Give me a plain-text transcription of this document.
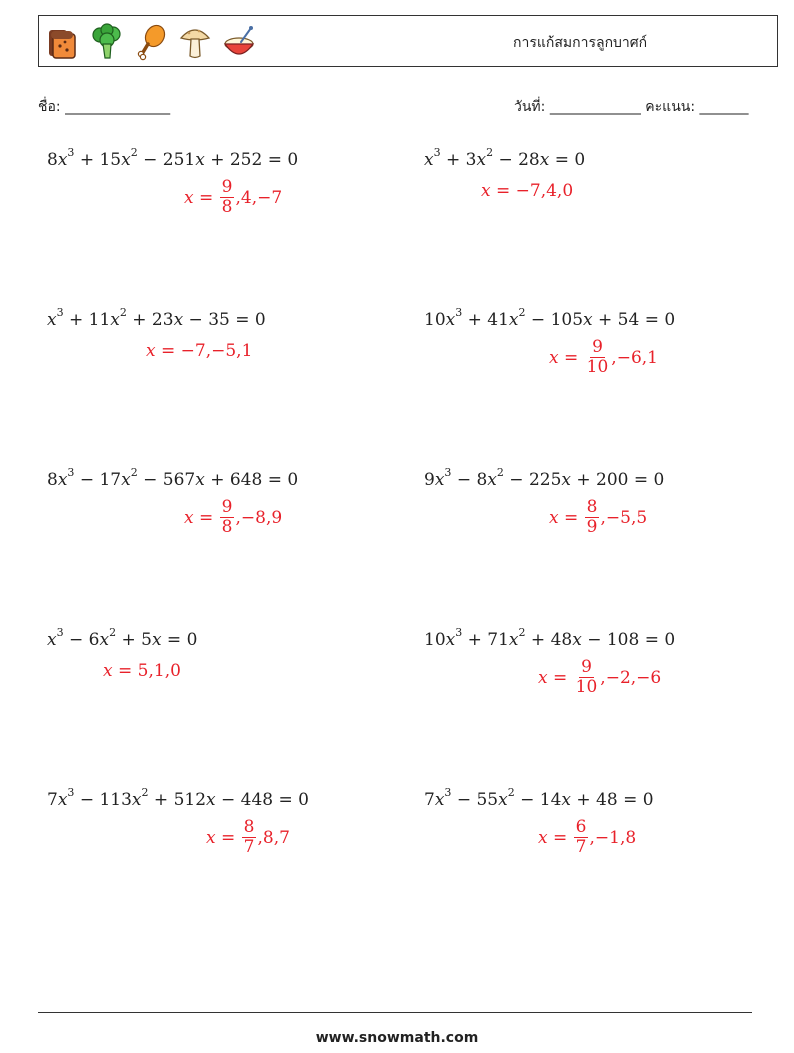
การแก้สมการลูกบาศก์
ชื่อ: _______________	วันที่: _____________ คะแนน: _______
$8x^3 + 15x^2 - 251x + 252 = 0$
$x = \frac{9}{8} ,4,-7$
$x^3 + 3x^2 - 28x = 0$
x = −7,4,0
$x^3 + 11x^2 + 23x - 35 = 0$
x = −7,−5,1
$10x^3 + 41x^2 - 105x + 54 = 0$
$x = \frac{9}{10} ,-6,1$
$8x^3 - 17x^2 - 567x + 648 = 0$
$x = \frac{9}{8} ,-8,9$
$9x^3 - 8x^2 - 225x + 200 = 0$
$x = \frac{8}{9} ,-5,5$
$x^3 - 6x^2 + 5x = 0$
x = 5,1,0
$10x^3 + 71x^2 + 48x - 108 = 0$
$x = \frac{9}{10} ,-2,-6$
$7x^3 - 113x^2 + 512x - 448 = 0$
$x = \frac{8}{7} ,8,7$
$7x^3 - 55x^2 - 14x + 48 = 0$
$x = \frac{6}{7} ,-1,8$
www.snowmath.com
